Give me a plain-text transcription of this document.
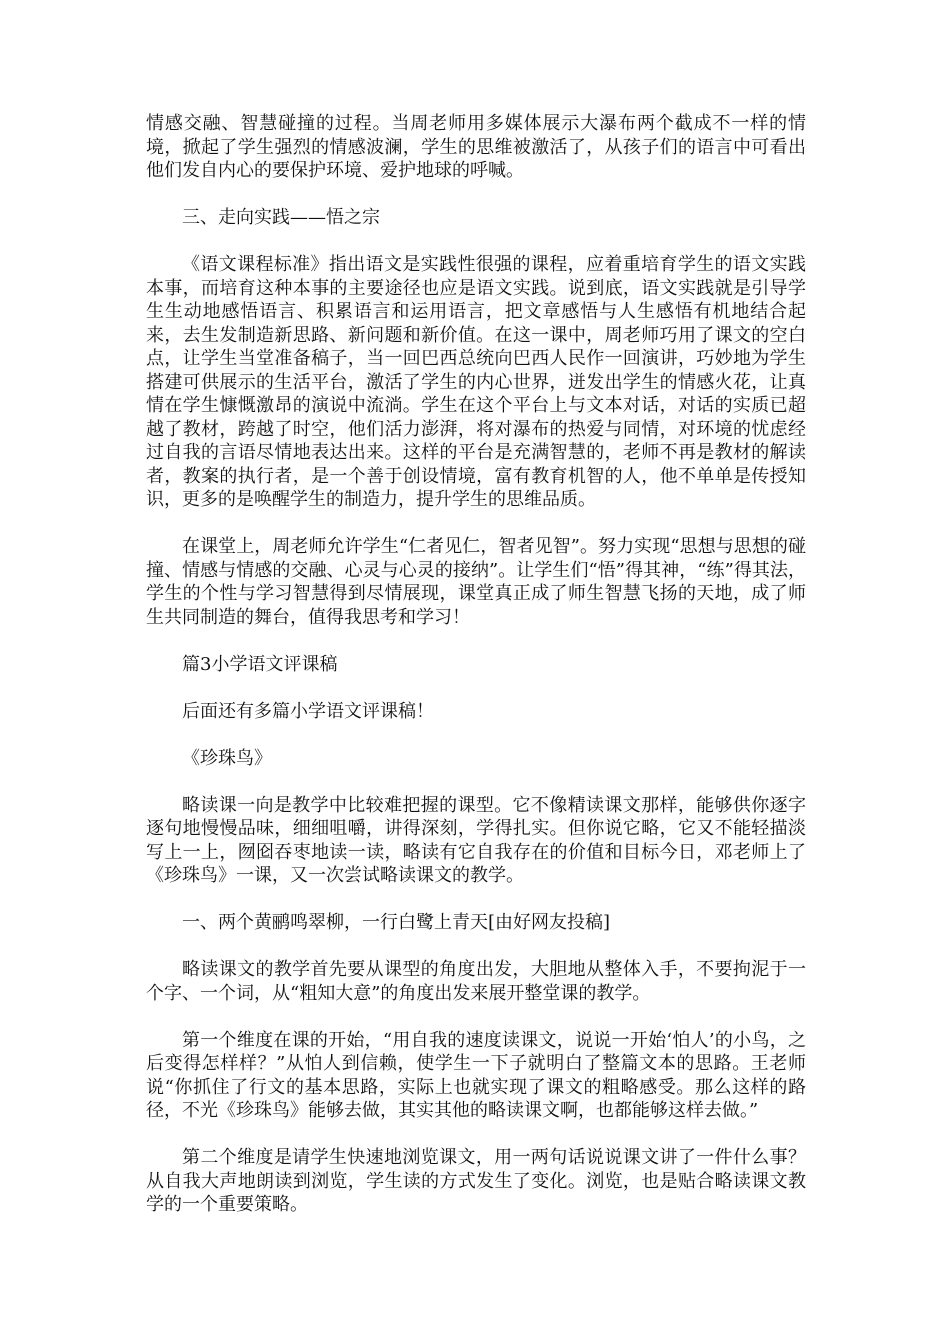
情感交融、智慧碰撞的过程。当周老师用多媒体展示大瀑布两个截成不一样的情境，掀起了学生强烈的情感波澜，学生的思维被激活了，从孩子们的语言中可看出他们发自内心的要保护环境、爱护地球的呼喊。

三、走向实践——悟之宗

《语文课程标准》指出语文是实践性很强的课程，应着重培育学生的语文实践本事，而培育这种本事的主要途径也应是语文实践。说到底，语文实践就是引导学生生动地感悟语言、积累语言和运用语言，把文章感悟与人生感悟有机地结合起来，去生发制造新思路、新问题和新价值。在这一课中，周老师巧用了课文的空白点，让学生当堂准备稿子，当一回巴西总统向巴西人民作一回演讲，巧妙地为学生搭建可供展示的生活平台，激活了学生的内心世界，迸发出学生的情感火花，让真情在学生慷慨激昂的演说中流淌。学生在这个平台上与文本对话，对话的实质已超越了教材，跨越了时空，他们活力澎湃，将对瀑布的热爱与同情，对环境的忧虑经过自我的言语尽情地表达出来。这样的平台是充满智慧的，老师不再是教材的解读者，教案的执行者，是一个善于创设情境，富有教育机智的人，他不单单是传授知识，更多的是唤醒学生的制造力，提升学生的思维品质。

在课堂上，周老师允许学生“仁者见仁，智者见智”。努力实现“思想与思想的碰撞、情感与情感的交融、心灵与心灵的接纳”。让学生们“悟”得其神，“练”得其法，学生的个性与学习智慧得到尽情展现，课堂真正成了师生智慧飞扬的天地，成了师生共同制造的舞台，值得我思考和学习！

篇3小学语文评课稿

后面还有多篇小学语文评课稿！

《珍珠鸟》

略读课一向是教学中比较难把握的课型。它不像精读课文那样，能够供你逐字逐句地慢慢品味，细细咀嚼，讲得深刻，学得扎实。但你说它略，它又不能轻描淡写上一上，囫囵吞枣地读一读，略读有它自我存在的价值和目标今日，邓老师上了《珍珠鸟》一课，又一次尝试略读课文的教学。

一、两个黄鹂鸣翠柳，一行白鹭上青天[由好网友投稿]

略读课文的教学首先要从课型的角度出发，大胆地从整体入手，不要拘泥于一个字、一个词，从“粗知大意”的角度出发来展开整堂课的教学。

第一个维度在课的开始，“用自我的速度读课文，说说一开始‘怕人’的小鸟，之后变得怎样样？”从怕人到信赖，使学生一下子就明白了整篇文本的思路。王老师说“你抓住了行文的基本思路，实际上也就实现了课文的粗略感受。那么这样的路径，不光《珍珠鸟》能够去做，其实其他的略读课文啊，也都能够这样去做。”

第二个维度是请学生快速地浏览课文，用一两句话说说课文讲了一件什么事？从自我大声地朗读到浏览，学生读的方式发生了变化。浏览，也是贴合略读课文教学的一个重要策略。
